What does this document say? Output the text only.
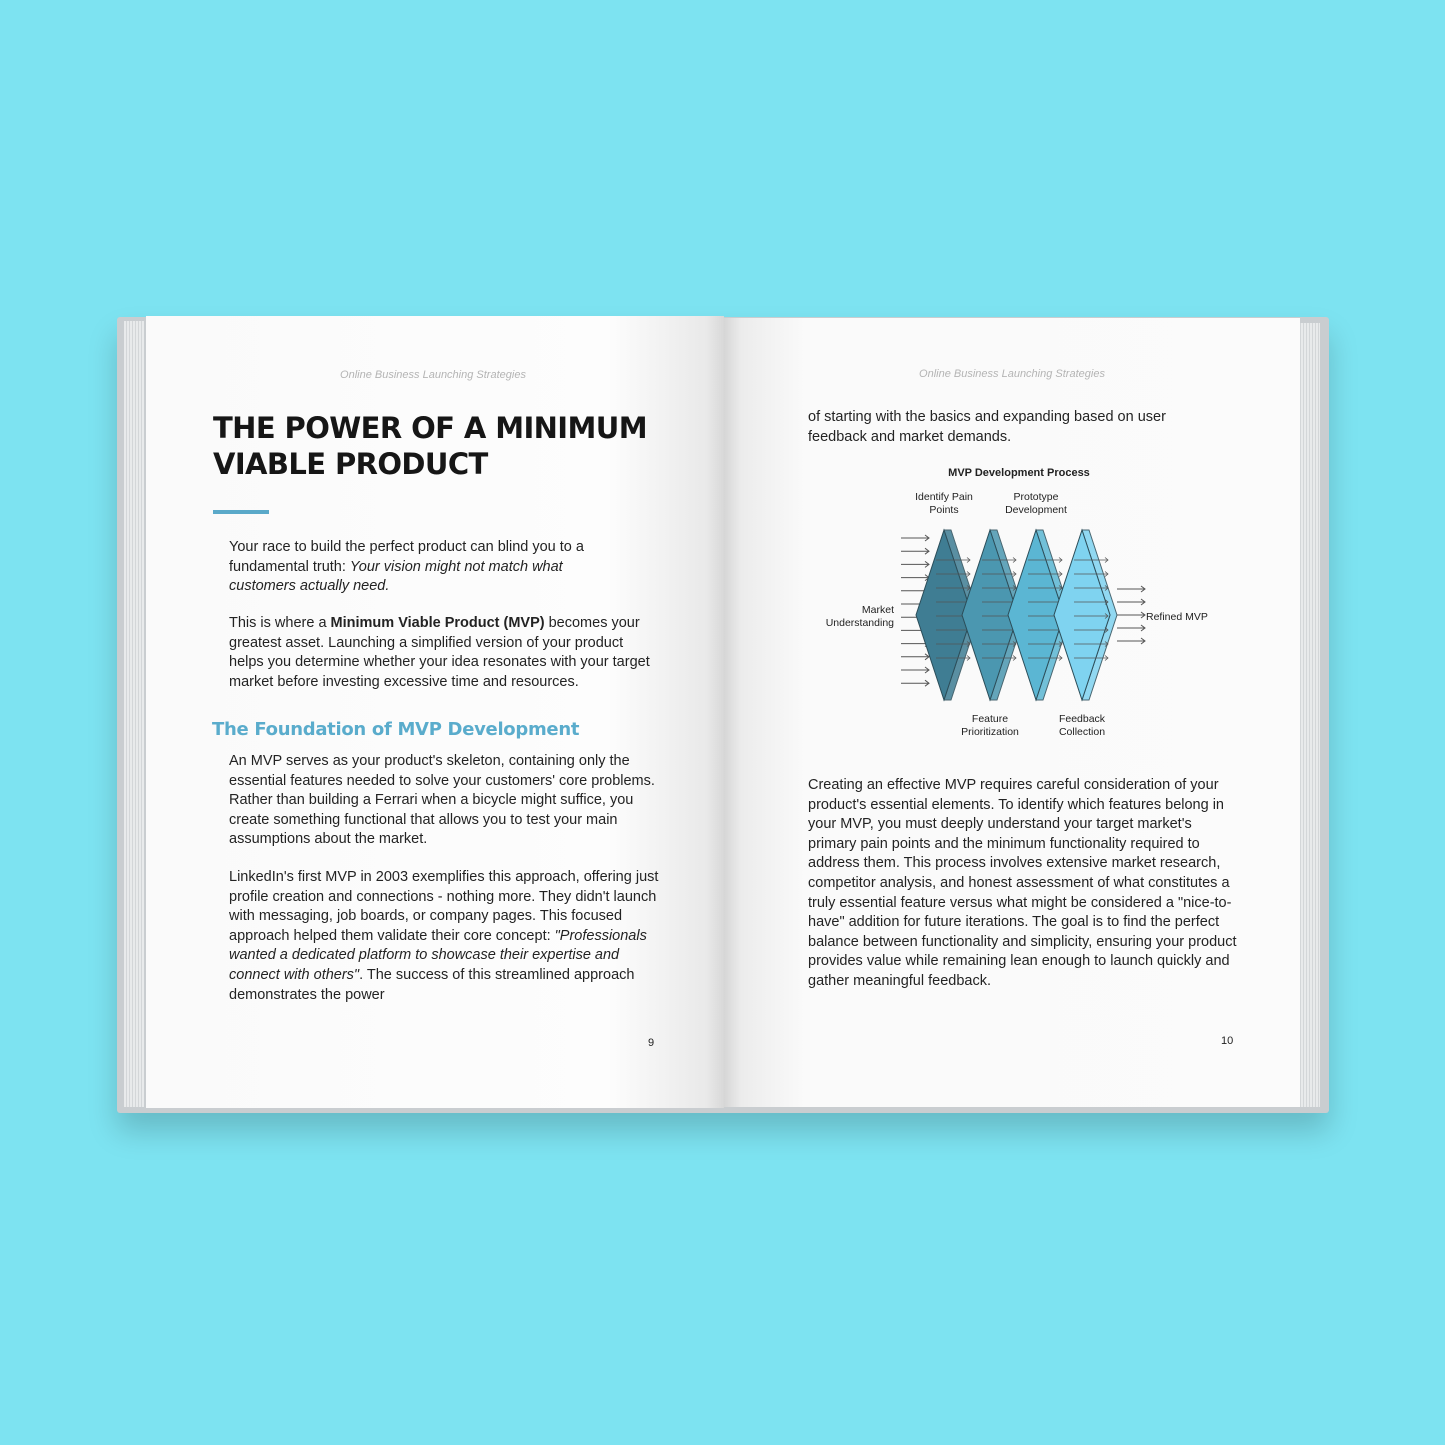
Online Business Launching Strategies
THE POWER OF A MINIMUM
VIABLE PRODUCT
Your race to build the perfect product can blind you to a fundamental truth: Your vision might not match what customers actually need.
This is where a Minimum Viable Product (MVP) becomes your greatest asset. Launching a simplified version of your product helps you determine whether your idea resonates with your target market before investing excessive time and resources.
The Foundation of MVP Development
An MVP serves as your product's skeleton, containing only the essential features needed to solve your customers' core problems. Rather than building a Ferrari when a bicycle might suffice, you create something functional that allows you to test your main assumptions about the market.
LinkedIn's first MVP in 2003 exemplifies this approach, offering just profile creation and connections - nothing more. They didn't launch with messaging, job boards, or company pages. This focused approach helped them validate their core concept: "Professionals wanted a dedicated platform to showcase their expertise and connect with others". The success of this streamlined approach demonstrates the power
9
Online Business Launching Strategies
of starting with the basics and expanding based on user feedback and market demands.
MVP Development Process
Market
Understanding	Refined MVP
Identify Pain
Points
Feature
Prioritization
Prototype
Development
Feedback
Collection
Creating an effective MVP requires careful consideration of your product's essential elements. To identify which features belong in your MVP, you must deeply understand your target market's primary pain points and the minimum functionality required to address them. This process involves extensive market research, competitor analysis, and honest assessment of what constitutes a truly essential feature versus what might be considered a "nice-to-have" addition for future iterations. The goal is to find the perfect balance between functionality and simplicity, ensuring your product provides value while remaining lean enough to launch quickly and gather meaningful feedback.
10
